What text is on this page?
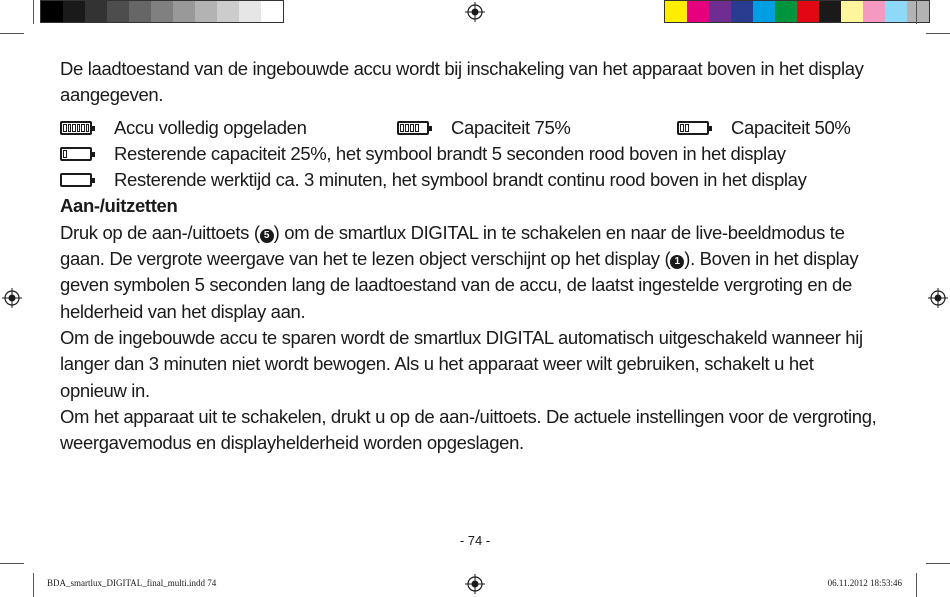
De laadtoestand van de ingebouwde accu wordt bij inschakeling van het apparaat boven in het display aangegeven.

Accu volledig opgeladen	Capaciteit 75%	Capaciteit 50%
Resterende capaciteit 25%, het symbool brandt 5 seconden rood boven in het display
Resterende werktijd ca. 3 minuten, het symbool brandt continu rood boven in het display

Aan-/uitzetten

Druk op de aan-/uittoets ( 5 ) om de smartlux DIGITAL in te schakelen en naar de live-beeldmodus te gaan. De vergrote weergave van het te lezen object verschijnt op het display ( 1 ). Boven in het display geven symbolen 5 seconden lang de laadtoestand van de accu, de laatst ingestelde vergroting en de helderheid van het display aan.

Om de ingebouwde accu te sparen wordt de smartlux DIGITAL automatisch uitgeschakeld wanneer hij langer dan 3 minuten niet wordt bewogen. Als u het apparaat weer wilt gebruiken, schakelt u het opnieuw in.

Om het apparaat uit te schakelen, drukt u op de aan-/uittoets. De actuele instellingen voor de vergroting, weergavemodus en displayhelderheid worden opgeslagen.

- 74 -
BDA_smartlux_DIGITAL_final_multi.indd 74	06.11.2012 18:53:46
